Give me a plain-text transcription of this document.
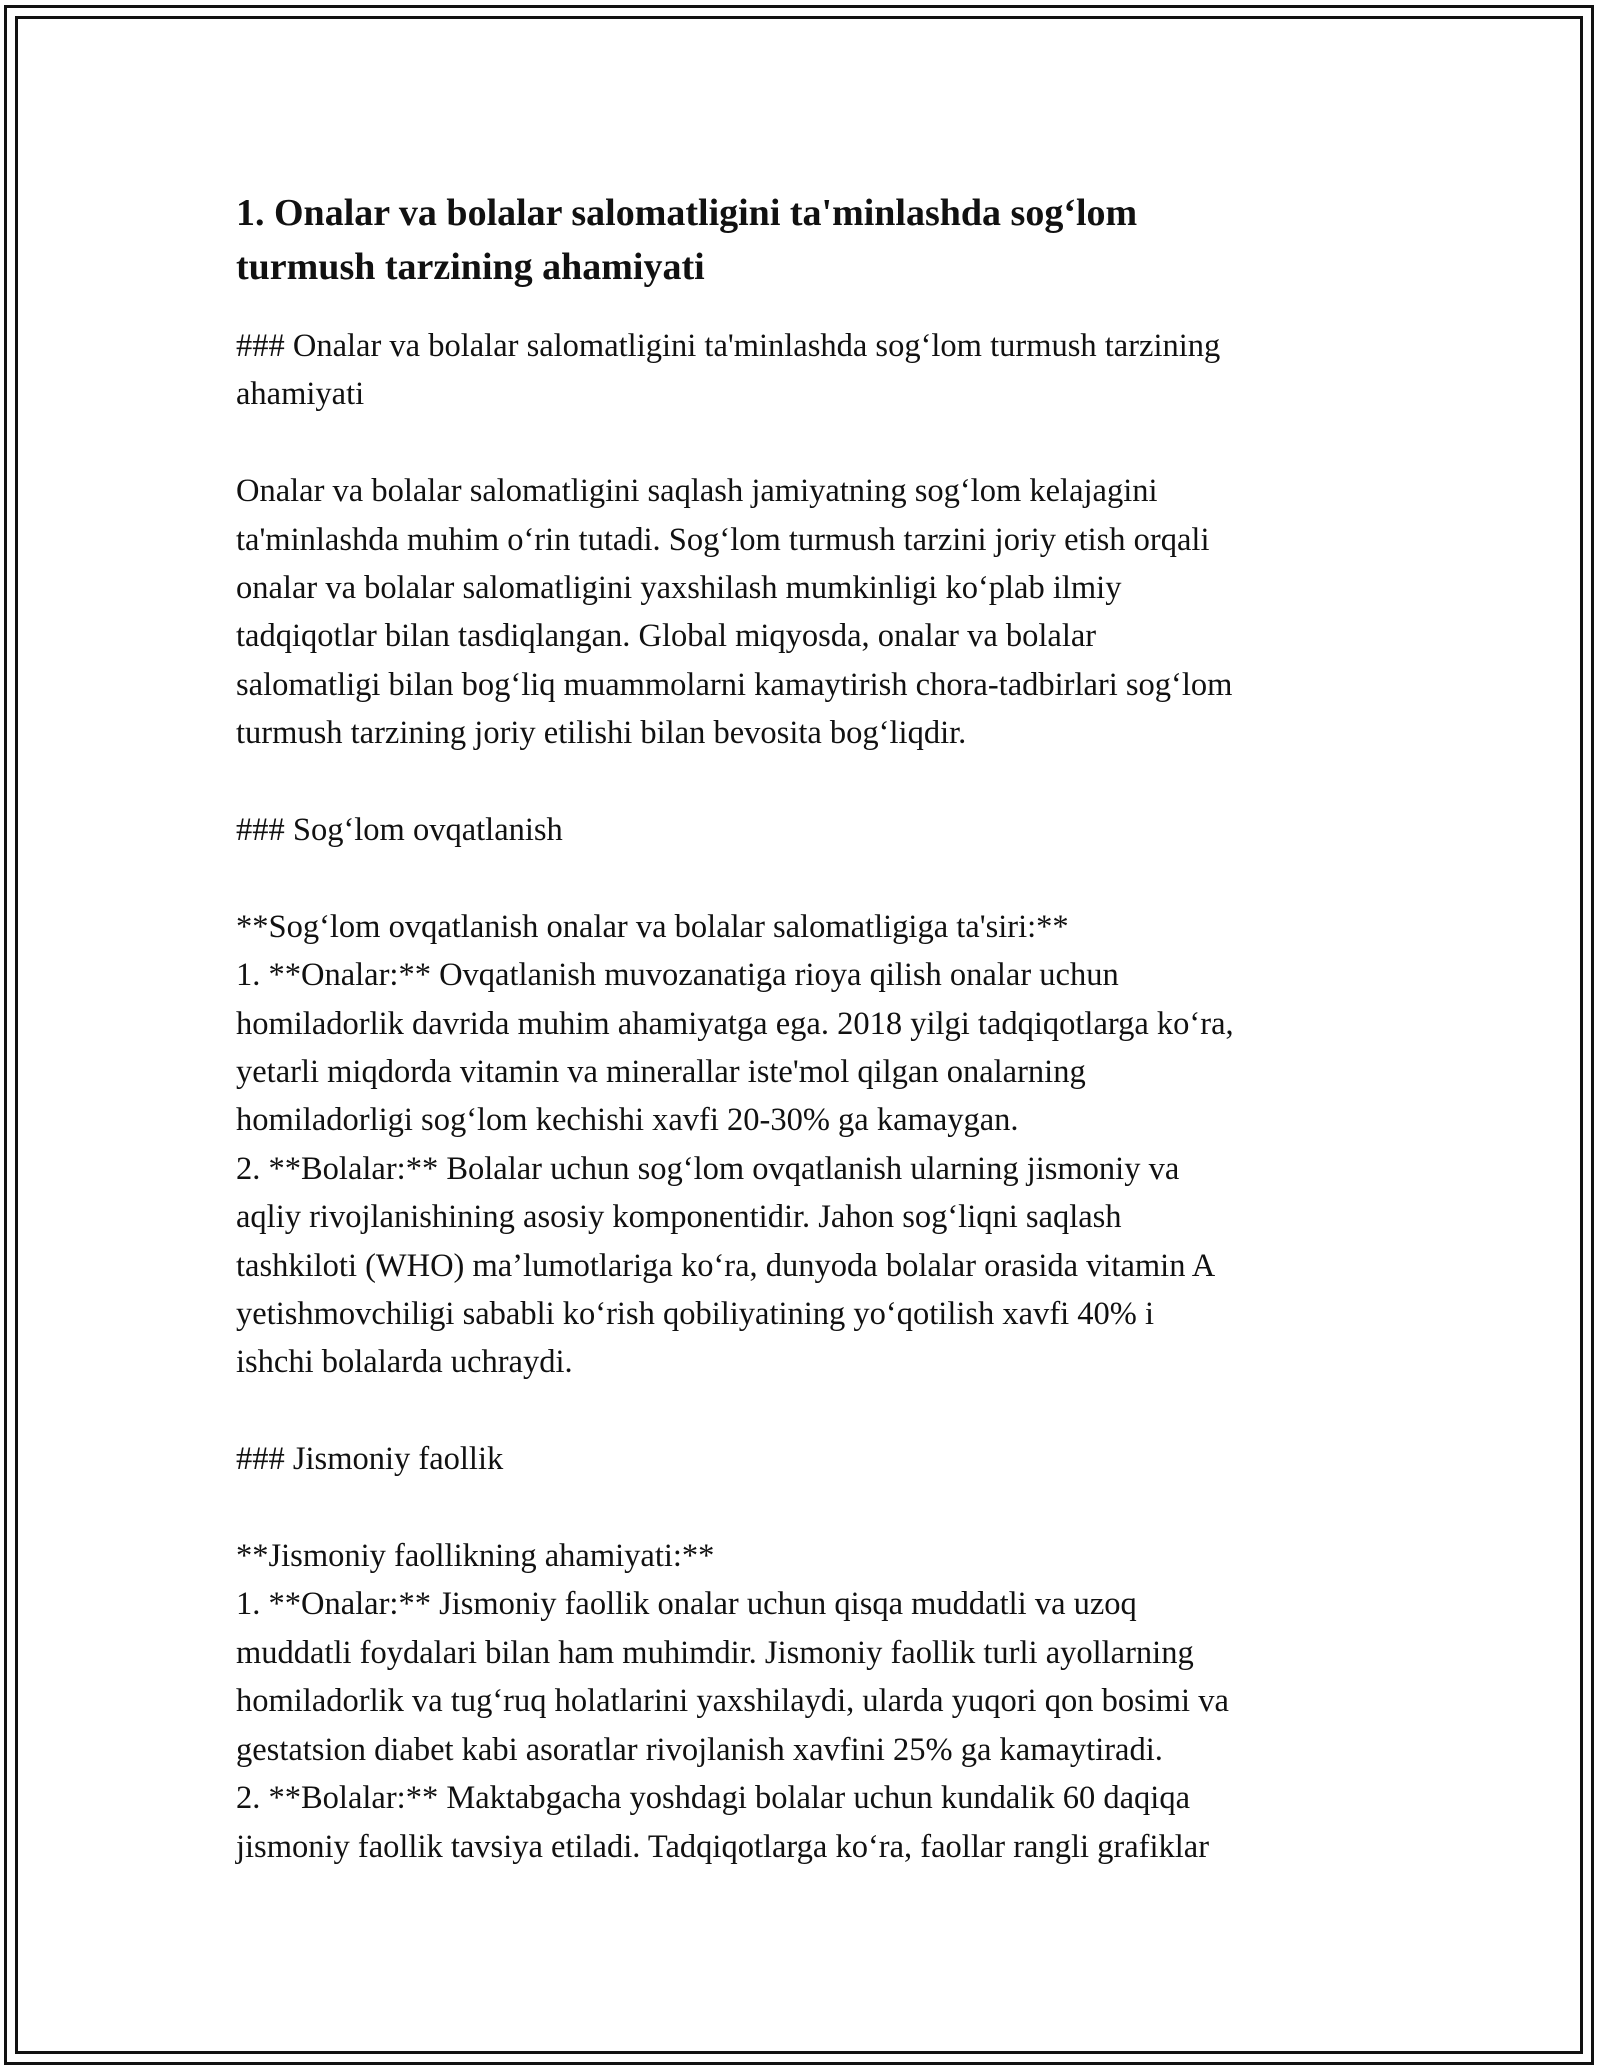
1. Onalar va bolalar salomatligini ta'minlashda sog‘lom
turmush tarzining ahamiyati

### Onalar va bolalar salomatligini ta'minlashda sog‘lom turmush tarzining

ahamiyati

Onalar va bolalar salomatligini saqlash jamiyatning sog‘lom kelajagini

ta'minlashda muhim o‘rin tutadi. Sog‘lom turmush tarzini joriy etish orqali

onalar va bolalar salomatligini yaxshilash mumkinligi ko‘plab ilmiy

tadqiqotlar bilan tasdiqlangan. Global miqyosda, onalar va bolalar

salomatligi bilan bog‘liq muammolarni kamaytirish chora-tadbirlari sog‘lom

turmush tarzining joriy etilishi bilan bevosita bog‘liqdir.

### Sog‘lom ovqatlanish

**Sog‘lom ovqatlanish onalar va bolalar salomatligiga ta'siri:**

1. **Onalar:** Ovqatlanish muvozanatiga rioya qilish onalar uchun

homiladorlik davrida muhim ahamiyatga ega. 2018 yilgi tadqiqotlarga ko‘ra,

yetarli miqdorda vitamin va minerallar iste'mol qilgan onalarning

homiladorligi sog‘lom kechishi xavfi 20-30% ga kamaygan.

2. **Bolalar:** Bolalar uchun sog‘lom ovqatlanish ularning jismoniy va

aqliy rivojlanishining asosiy komponentidir. Jahon sog‘liqni saqlash

tashkiloti (WHO) ma’lumotlariga ko‘ra, dunyoda bolalar orasida vitamin A

yetishmovchiligi sababli ko‘rish qobiliyatining yo‘qotilish xavfi 40% i

ishchi bolalarda uchraydi.

### Jismoniy faollik

**Jismoniy faollikning ahamiyati:**

1. **Onalar:** Jismoniy faollik onalar uchun qisqa muddatli va uzoq

muddatli foydalari bilan ham muhimdir. Jismoniy faollik turli ayollarning

homiladorlik va tug‘ruq holatlarini yaxshilaydi, ularda yuqori qon bosimi va

gestatsion diabet kabi asoratlar rivojlanish xavfini 25% ga kamaytiradi.

2. **Bolalar:** Maktabgacha yoshdagi bolalar uchun kundalik 60 daqiqa

jismoniy faollik tavsiya etiladi. Tadqiqotlarga ko‘ra, faollar rangli grafiklar
